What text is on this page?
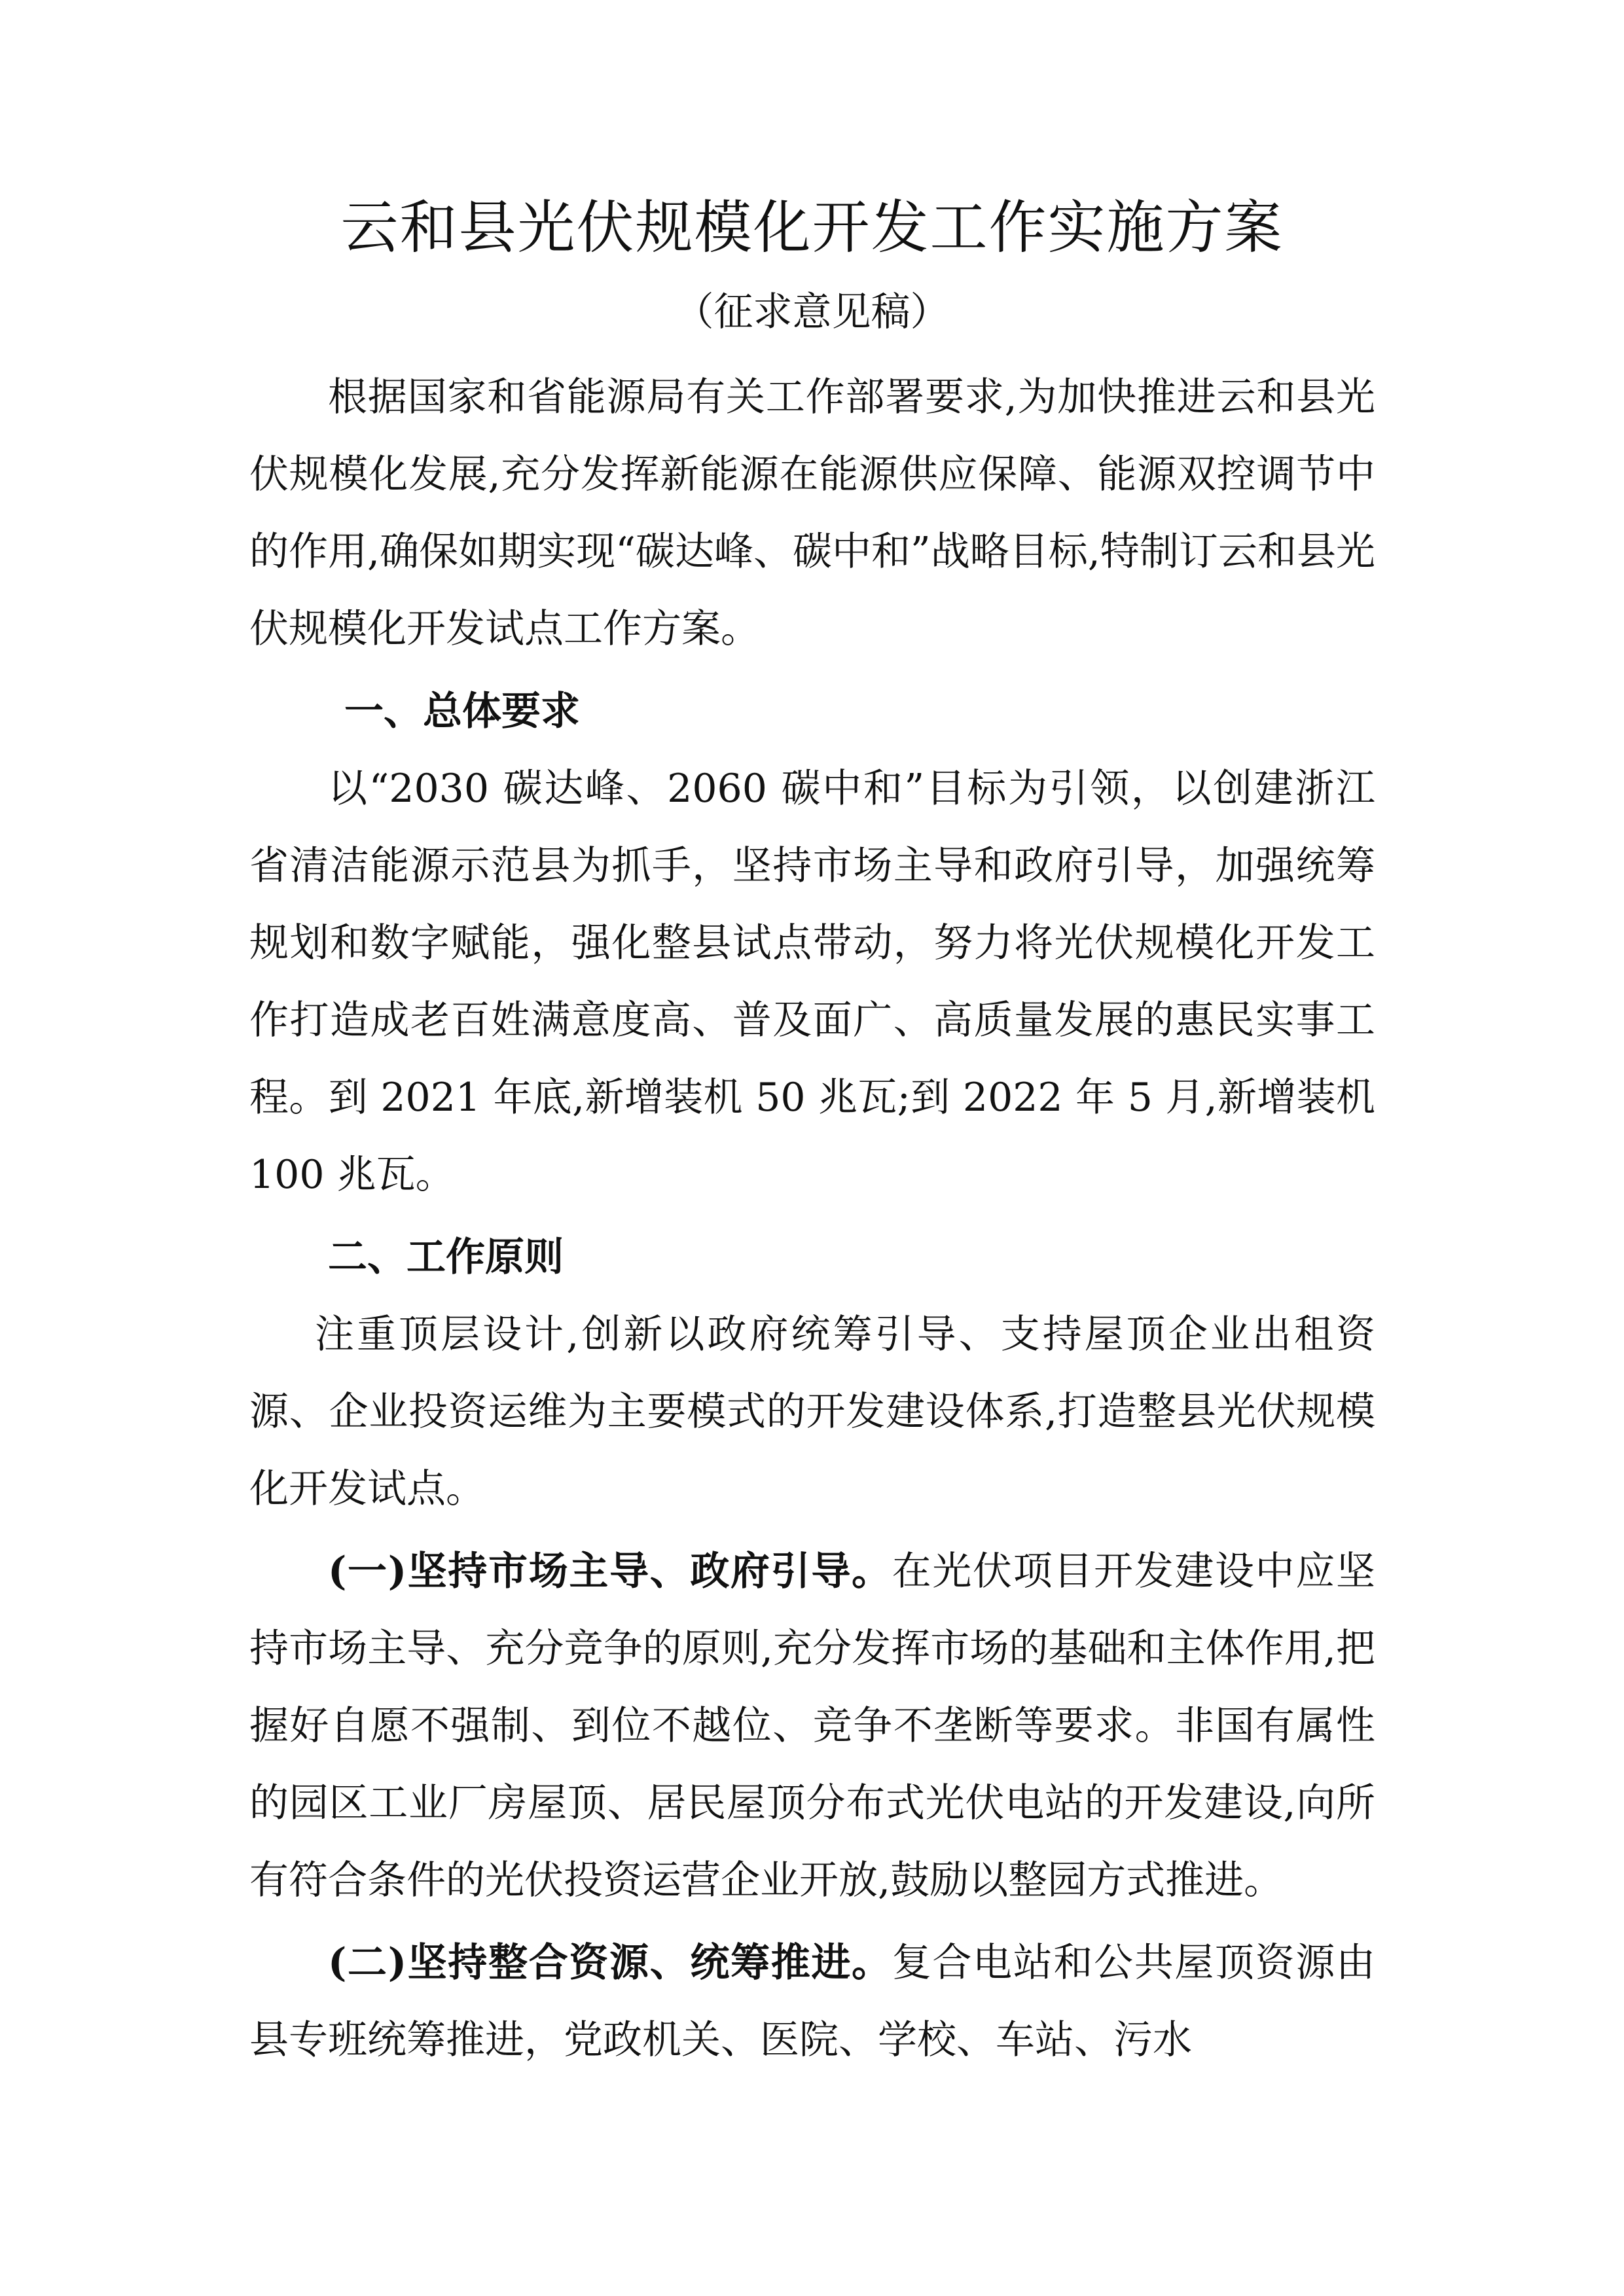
云和县光伏规模化开发工作实施方案
（征求意见稿）

根据国家和省能源局有关工作部署要求,为加快推进云和县光伏规模化发展,充分发挥新能源在能源供应保障、能源双控调节中的作用,确保如期实现“碳达峰、碳中和”战略目标,特制订云和县光伏规模化开发试点工作方案。

一、总体要求

以“2030 碳达峰、2060 碳中和”目标为引领，以创建浙江省清洁能源示范县为抓手，坚持市场主导和政府引导，加强统筹规划和数字赋能，强化整县试点带动，努力将光伏规模化开发工作打造成老百姓满意度高、普及面广、高质量发展的惠民实事工程。到 2021 年底,新增装机 50 兆瓦;到 2022 年 5 月,新增装机 100 兆瓦。

二、工作原则

注重顶层设计,创新以政府统筹引导、支持屋顶企业出租资源、企业投资运维为主要模式的开发建设体系,打造整县光伏规模化开发试点。

(一)坚持市场主导、政府引导。在光伏项目开发建设中应坚持市场主导、充分竞争的原则,充分发挥市场的基础和主体作用,把握好自愿不强制、到位不越位、竞争不垄断等要求。非国有属性的园区工业厂房屋顶、居民屋顶分布式光伏电站的开发建设,向所有符合条件的光伏投资运营企业开放,鼓励以整园方式推进。

(二)坚持整合资源、统筹推进。复合电站和公共屋顶资源由县专班统筹推进，党政机关、医院、学校、车站、污水
